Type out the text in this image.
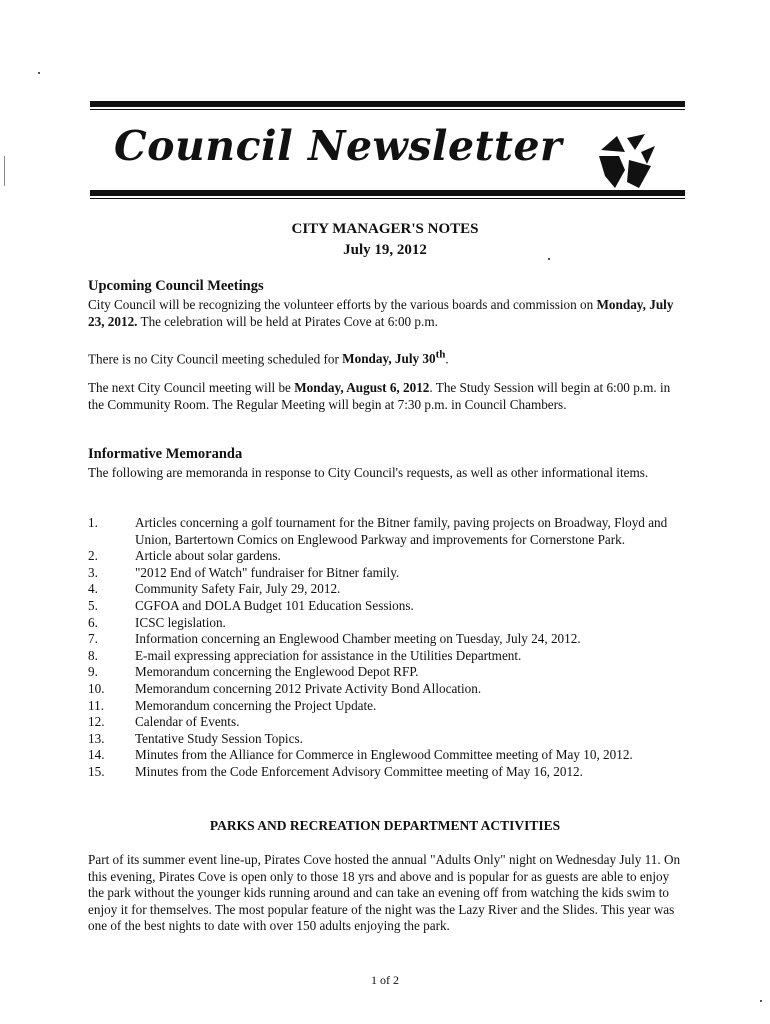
Council Newsletter
CITY MANAGER'S NOTES
July 19, 2012
Upcoming Council Meetings
City Council will be recognizing the volunteer efforts by the various boards and commission on Monday, July 23, 2012. The celebration will be held at Pirates Cove at 6:00 p.m.
There is no City Council meeting scheduled for Monday, July 30th.
The next City Council meeting will be Monday, August 6, 2012. The Study Session will begin at 6:00 p.m. in the Community Room. The Regular Meeting will begin at 7:30 p.m. in Council Chambers.
Informative Memoranda
The following are memoranda in response to City Council's requests, as well as other informational items.
1.	Articles concerning a golf tournament for the Bitner family, paving projects on Broadway, Floyd and Union, Bartertown Comics on Englewood Parkway and improvements for Cornerstone Park.
2.	Article about solar gardens.
3.	"2012 End of Watch" fundraiser for Bitner family.
4.	Community Safety Fair, July 29, 2012.
5.	CGFOA and DOLA Budget 101 Education Sessions.
6.	ICSC legislation.
7.	Information concerning an Englewood Chamber meeting on Tuesday, July 24, 2012.
8.	E-mail expressing appreciation for assistance in the Utilities Department.
9.	Memorandum concerning the Englewood Depot RFP.
10.	Memorandum concerning 2012 Private Activity Bond Allocation.
11.	Memorandum concerning the Project Update.
12.	Calendar of Events.
13.	Tentative Study Session Topics.
14.	Minutes from the Alliance for Commerce in Englewood Committee meeting of May 10, 2012.
15.	Minutes from the Code Enforcement Advisory Committee meeting of May 16, 2012.
PARKS AND RECREATION DEPARTMENT ACTIVITIES
Part of its summer event line-up, Pirates Cove hosted the annual "Adults Only" night on Wednesday July 11. On this evening, Pirates Cove is open only to those 18 yrs and above and is popular for as guests are able to enjoy the park without the younger kids running around and can take an evening off from watching the kids swim to enjoy it for themselves. The most popular feature of the night was the Lazy River and the Slides. This year was one of the best nights to date with over 150 adults enjoying the park.
1 of 2
